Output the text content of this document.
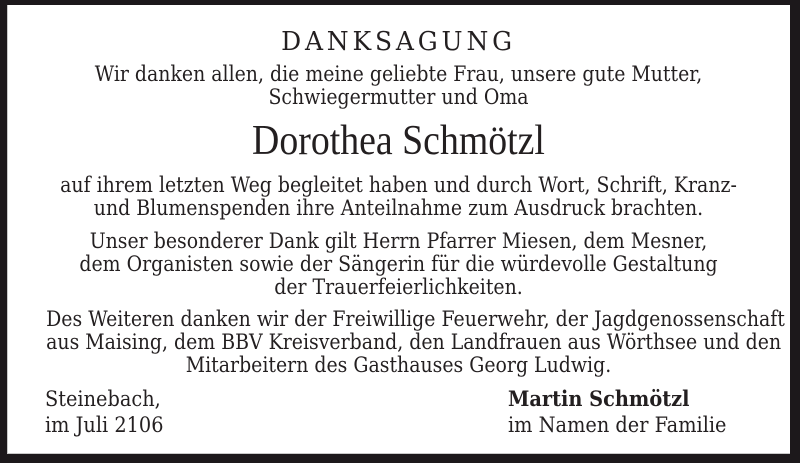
DANKSAGUNG
Wir danken allen, die meine geliebte Frau, unsere gute Mutter,
Schwiegermutter und Oma
Dorothea Schmötzl
auf ihrem letzten Weg begleitet haben und durch Wort, Schrift, Kranz-
und Blumenspenden ihre Anteilnahme zum Ausdruck brachten.
Unser besonderer Dank gilt Herrn Pfarrer Miesen, dem Mesner,
dem Organisten sowie der Sängerin für die würdevolle Gestaltung
der Trauerfeierlichkeiten.
Des Weiteren danken wir der Freiwillige Feuerwehr, der Jagdgenossenschaft
aus Maising, dem BBV Kreisverband, den Landfrauen aus Wörthsee und den
Mitarbeitern des Gasthauses Georg Ludwig.
Steinebach,
im Juli 2106
Martin Schmötzl
im Namen der Familie
